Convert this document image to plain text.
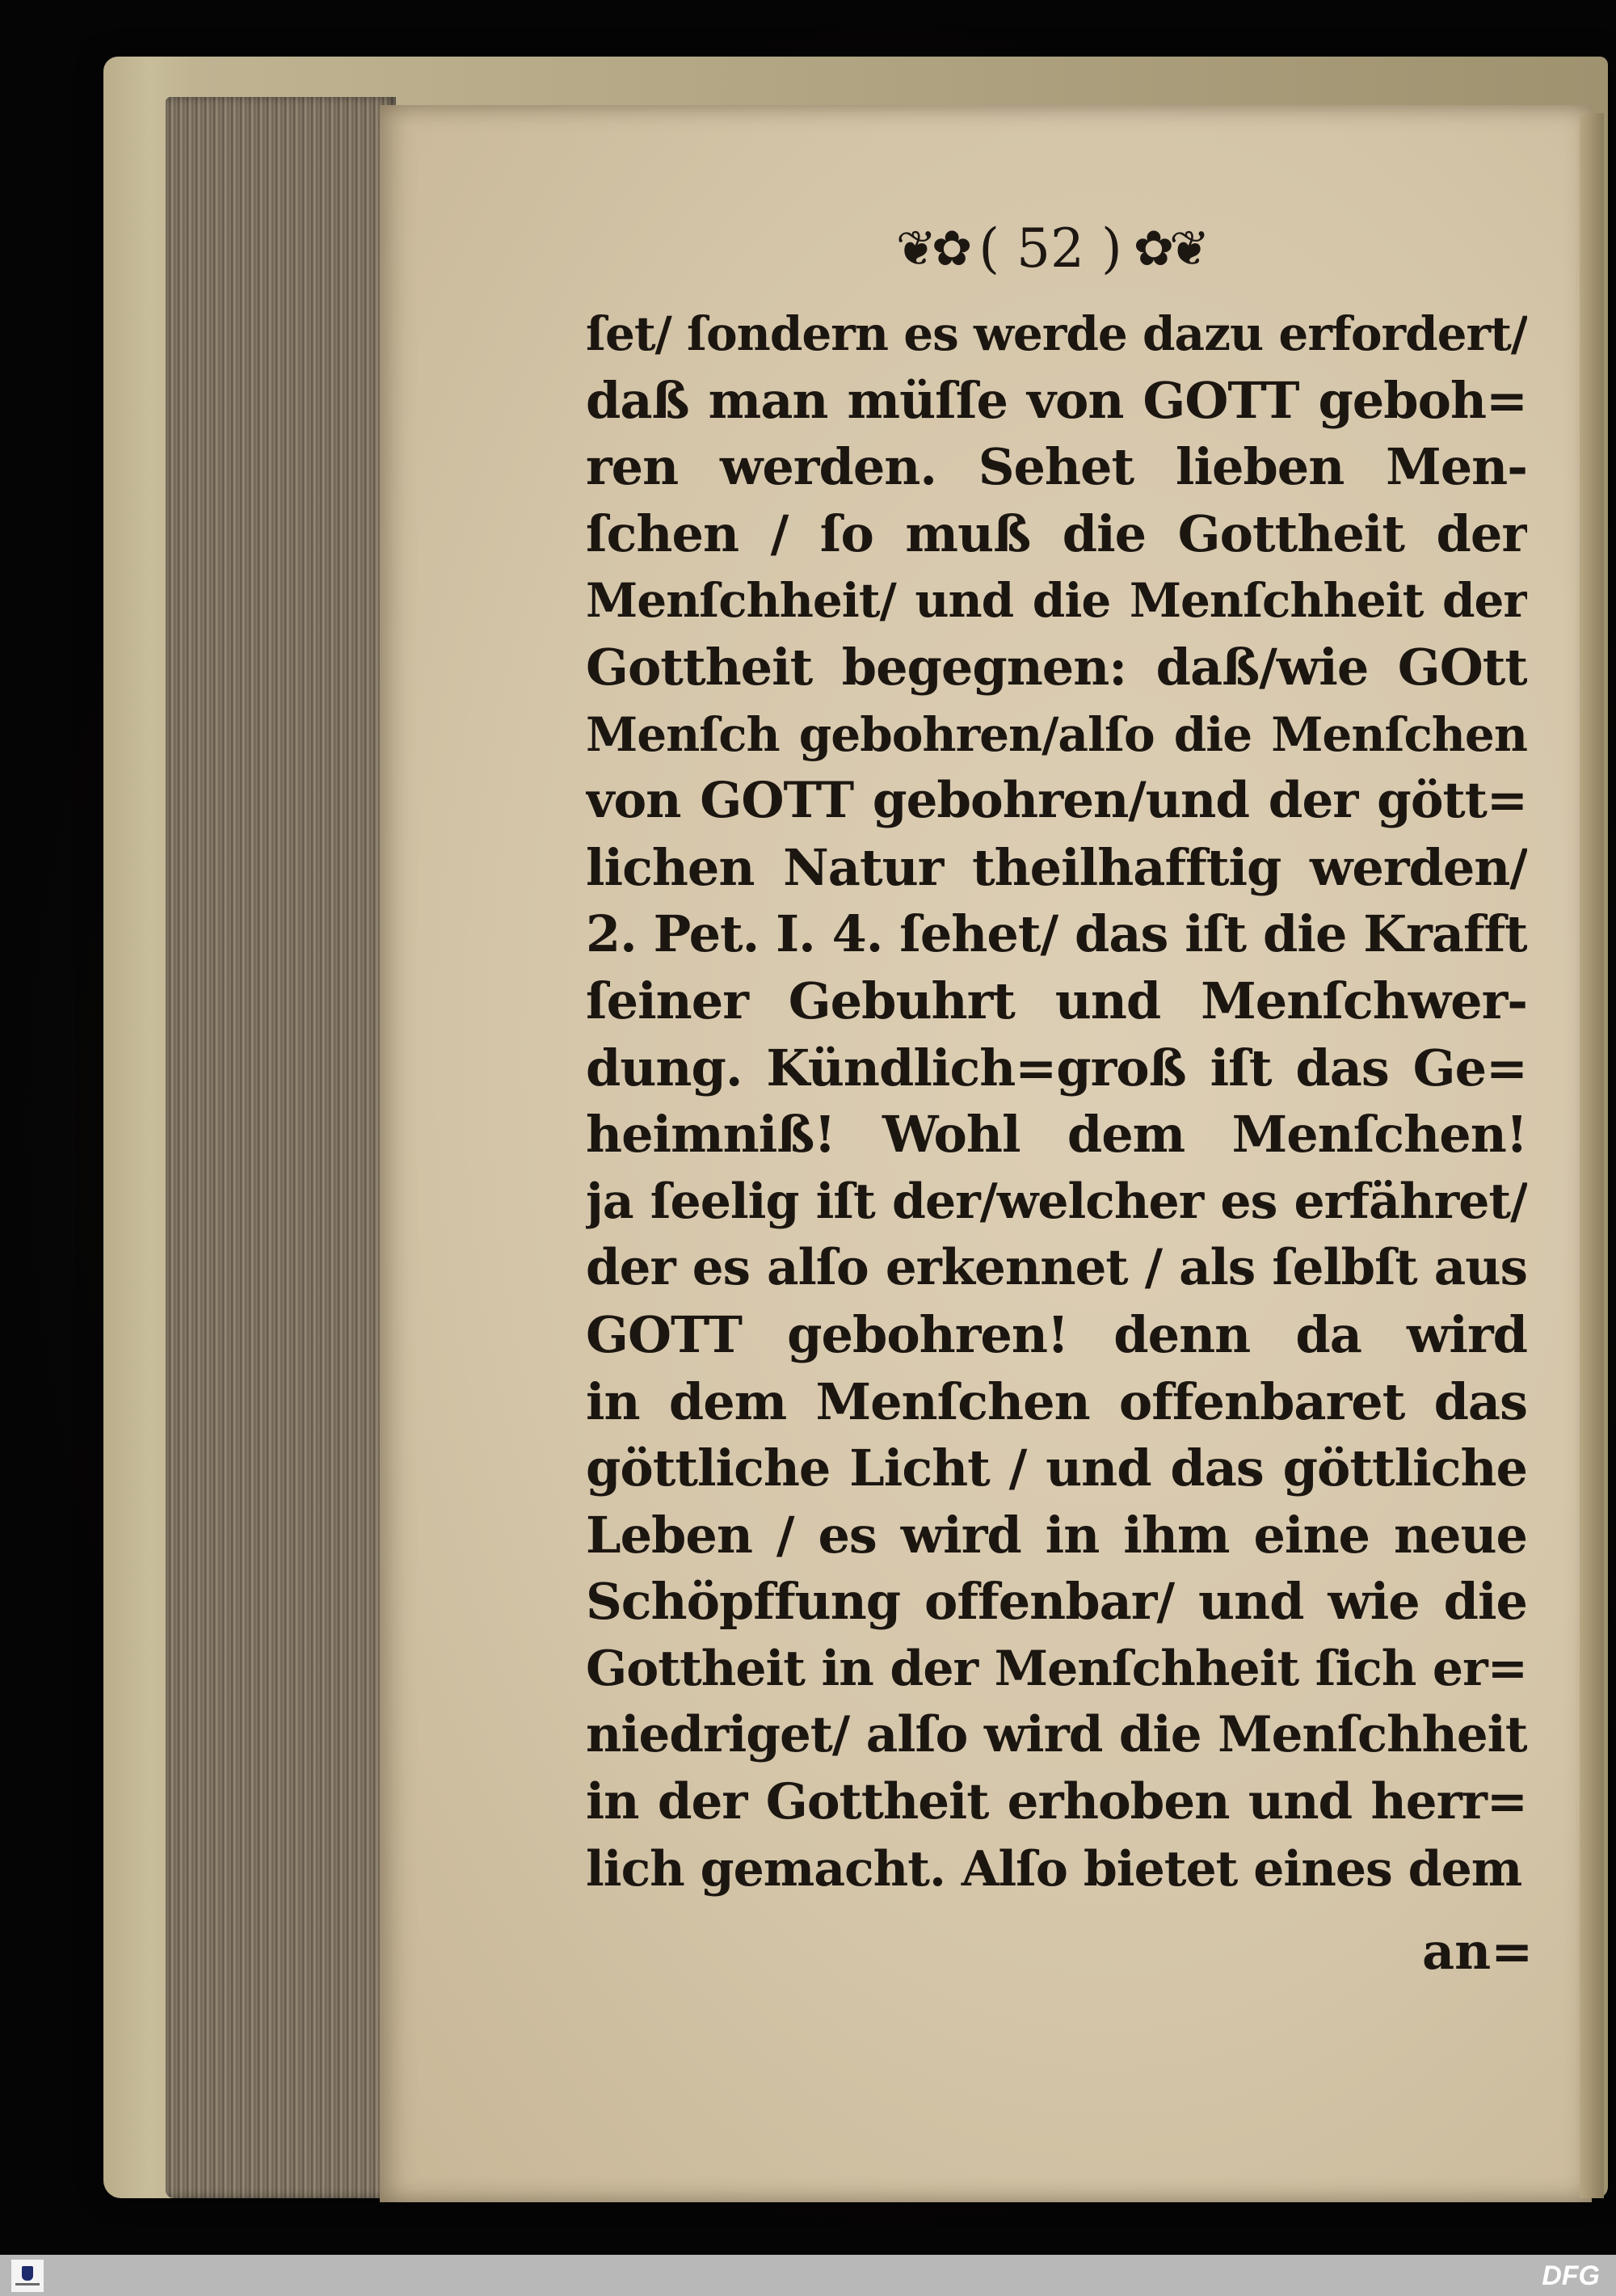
❦✿ ( 52 ) ✿❦
ſet/ ſondern es werde dazu erfordert/
daß man müſſe von GOTT geboh=
ren werden. Sehet lieben Men-
ſchen / ſo muß die Gottheit der
Menſchheit/ und die Menſchheit der
Gottheit begegnen: daß/wie GOtt
Menſch gebohren/alſo die Menſchen
von GOTT gebohren/und der gött=
lichen Natur theilhafftig werden/
2. Pet. I. 4. ſehet/ das iſt die Krafft
ſeiner Gebuhrt und Menſchwer-
dung. Kündlich=groß iſt das Ge=
heimniß! Wohl dem Menſchen!
ja ſeelig iſt der/welcher es erfähret/
der es alſo erkennet / als ſelbſt aus
GOTT gebohren! denn da wird
in dem Menſchen offenbaret das
göttliche Licht / und das göttliche
Leben / es wird in ihm eine neue
Schöpffung offenbar/ und wie die
Gottheit in der Menſchheit ſich er=
niedriget/ alſo wird die Menſchheit
in der Gottheit erhoben und herr=
lich gemacht. Alſo bietet eines dem
an=
DFG
